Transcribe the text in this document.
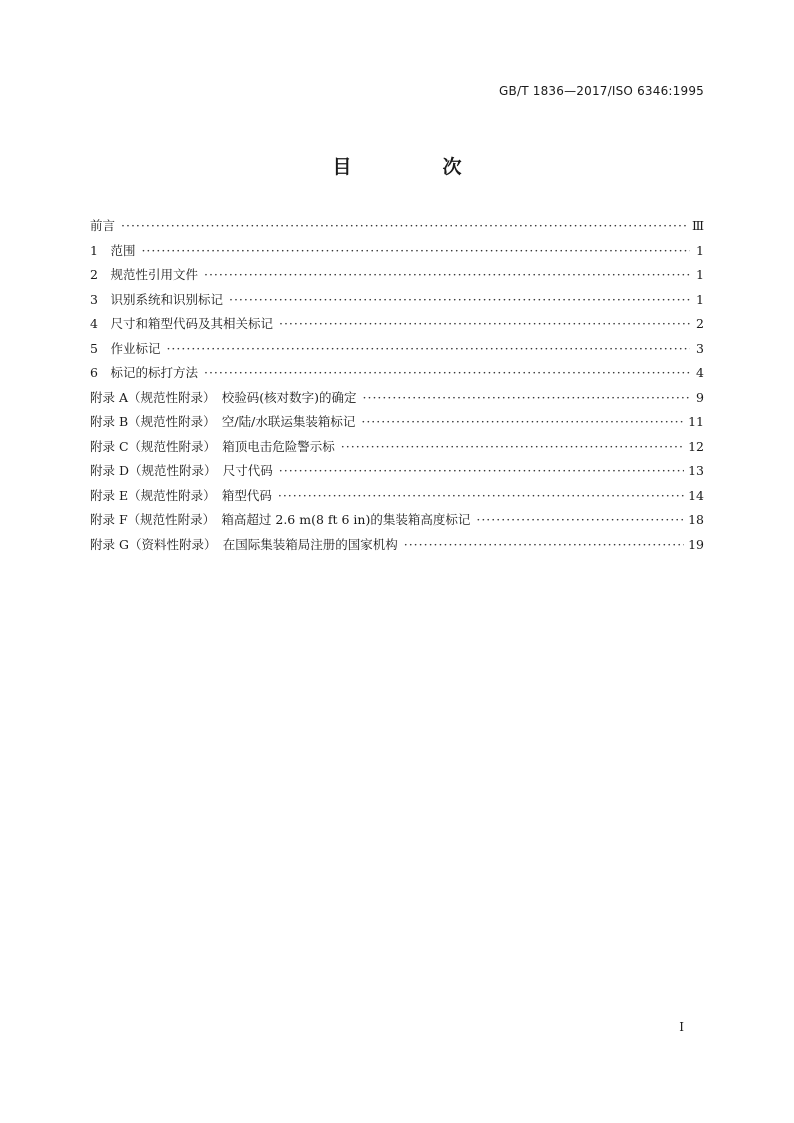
GB/T 1836—2017/ISO 6346:1995
目　次
前言 ·····	Ⅲ
1　范围 ·····	1
2　规范性引用文件 ·····	1
3　识别系统和识别标记 ·····	1
4　尺寸和箱型代码及其相关标记 ·····	2
5　作业标记 ·····	3
6　标记的标打方法 ·····	4
附录 A（规范性附录）　校验码(核对数字)的确定 ·····	9
附录 B（规范性附录）　空/陆/水联运集装箱标记 ·····	11
附录 C（规范性附录）　箱顶电击危险警示标 ·····	12
附录 D（规范性附录）　尺寸代码 ·····	13
附录 E（规范性附录）　箱型代码 ·····	14
附录 F（规范性附录）　箱高超过 2.6 m(8 ft 6 in)的集装箱高度标记 ·····	18
附录 G（资料性附录）　在国际集装箱局注册的国家机构 ·····	19
I
